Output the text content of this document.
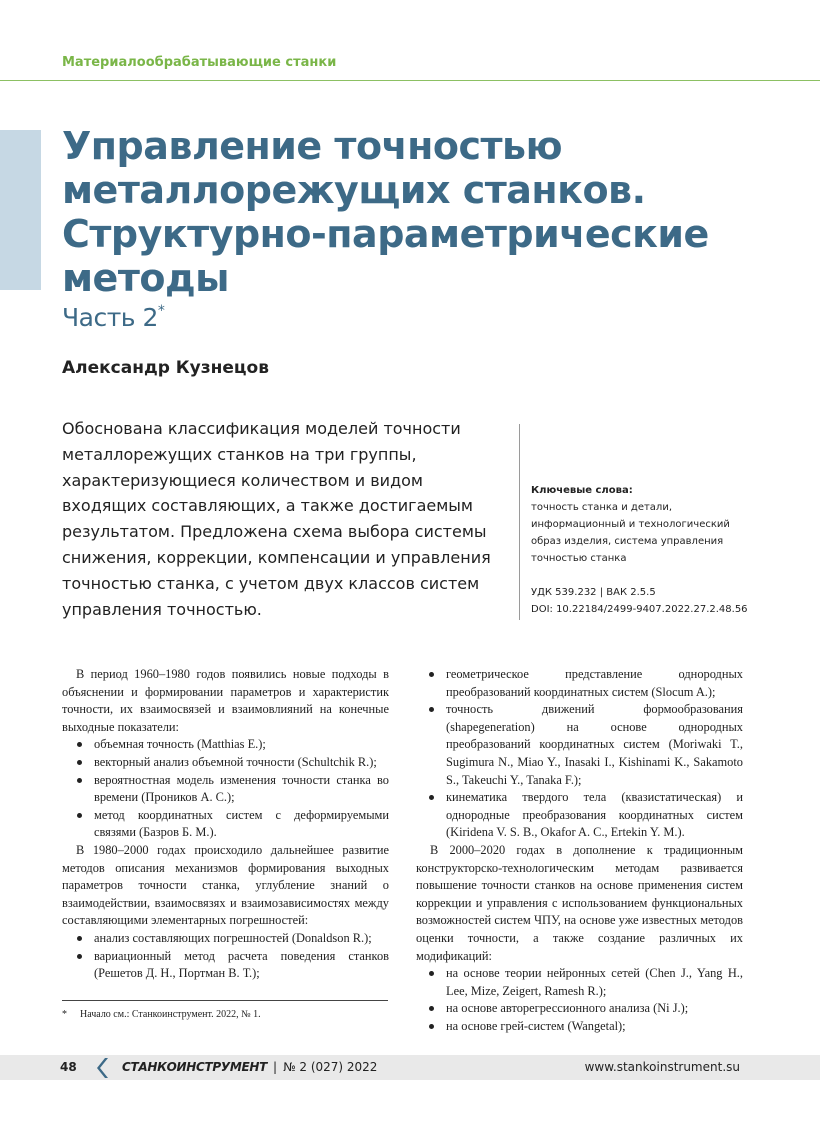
Материалообрабатывающие станки
Управление точностью
металлорежущих станков.
Структурно-параметрические
методы
Часть 2*
Александр Кузнецов
Обоснована классификация моделей точности
металлорежущих станков на три группы,
характеризующиеся количеством и видом
входящих составляющих, а также достигаемым
результатом. Предложена схема выбора системы
снижения, коррекции, компенсации и управления
точностью станка, с учетом двух классов систем
управления точностью.
Ключевые слова:
точность станка и детали,
информационный и технологический
образ изделия, система управления
точностью станка
УДК 539.232 | ВАК 2.5.5
DOI: 10.22184/2499-9407.2022.27.2.48.56

В период 1960–1980 годов появились новые подходы в объяснении и формировании параметров и характеристик точности, их взаимосвязей и взаимовлияний на конечные выходные показатели:

объемная точность (Matthias E.);
векторный анализ объемной точности (Schultchik R.);
вероятностная модель изменения точности станка во времени (Проников А. С.);
метод координатных систем с деформируемыми связями (Базров Б. М.).

В 1980–2000 годах происходило дальнейшее развитие методов описания механизмов формирования выходных параметров точности станка, углубление знаний о взаимодействии, взаимосвязях и взаимозависимостях между составляющими элементарных погрешностей:

анализ составляющих погрешностей (Donaldson R.);
вариационный метод расчета поведения станков (Решетов Д. Н., Портман В. Т.);
геометрическое представление однородных преобразований координатных систем (Slocum A.);
точность движений формообразования (shapegeneration) на основе однородных преобразований координатных систем (Moriwaki T., Sugimura N., Miao Y., Inasaki I., Kishinami K., Sakamoto S., Takeuchi Y., Tanaka F.);
кинематика твердого тела (квазистатическая) и однородные преобразования координатных систем (Kiridena V. S. B., Okafor A. C., Ertekin Y. M.).

В 2000–2020 годах в дополнение к традиционным конструкторско-технологическим методам развивается повышение точности станков на основе применения систем коррекции и управления с использованием функциональных возможностей систем ЧПУ, на основе уже известных методов оценки точности, а также создание различных их модификаций:

на основе теории нейронных сетей (Chen J., Yang H., Lee, Mize, Zeigert, Ramesh R.);
на основе авторегрессионного анализа (Ni J.);
на основе грей-систем (Wangetal);
* Начало см.: Станкоинструмент. 2022, № 1.
48	СТАНКОИНСТРУМЕНТ | № 2 (027) 2022	www.stankoinstrument.su
